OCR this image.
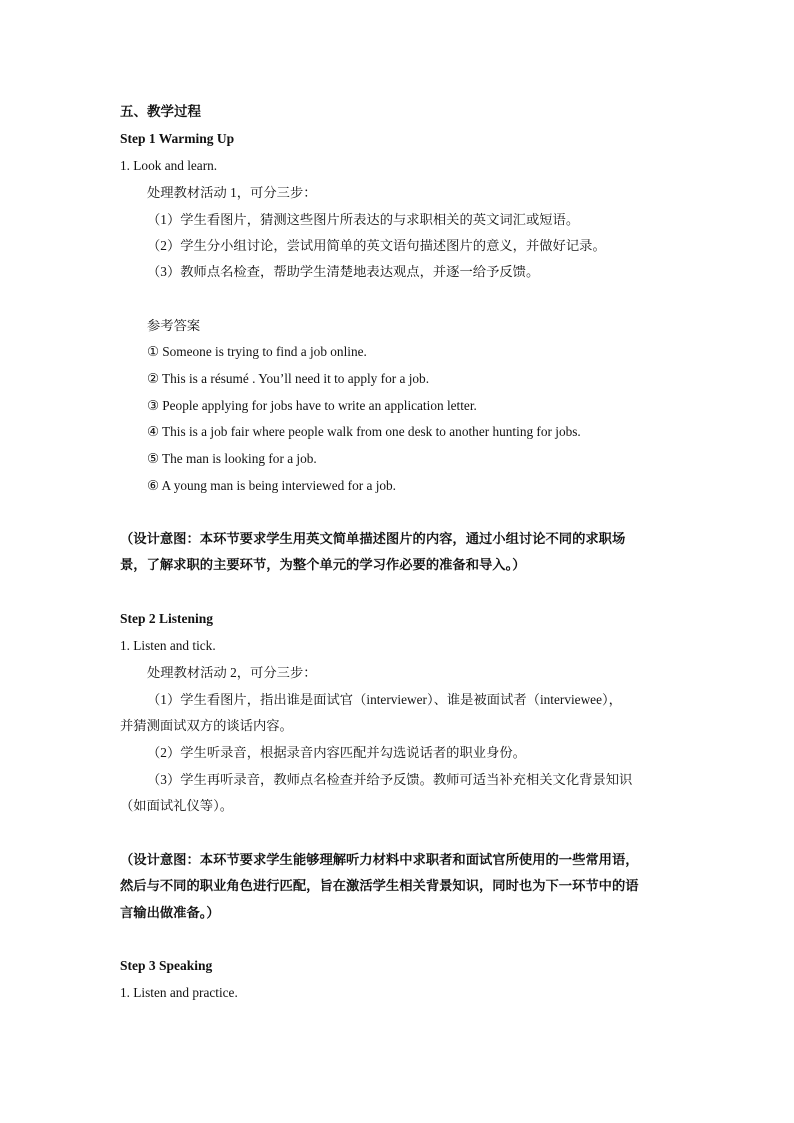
五、教学过程
Step 1 Warming Up
1. Look and learn.
处理教材活动 1，可分三步：
（1）学生看图片，猜测这些图片所表达的与求职相关的英文词汇或短语。
（2）学生分小组讨论，尝试用简单的英文语句描述图片的意义，并做好记录。
（3）教师点名检查，帮助学生清楚地表达观点，并逐一给予反馈。
参考答案
① Someone is trying to find a job online.
② This is a résumé . You’ll need it to apply for a job.
③ People applying for jobs have to write an application letter.
④ This is a job fair where people walk from one desk to another hunting for jobs.
⑤ The man is looking for a job.
⑥ A young man is being interviewed for a job.
（设计意图：本环节要求学生用英文简单描述图片的内容，通过小组讨论不同的求职场
景，了解求职的主要环节，为整个单元的学习作必要的准备和导入。）
Step 2 Listening
1. Listen and tick.
处理教材活动 2，可分三步：
（1）学生看图片，指出谁是面试官（interviewer）、谁是被面试者（interviewee），
并猜测面试双方的谈话内容。
（2）学生听录音，根据录音内容匹配并勾选说话者的职业身份。
（3）学生再听录音，教师点名检查并给予反馈。教师可适当补充相关文化背景知识
（如面试礼仪等）。
（设计意图：本环节要求学生能够理解听力材料中求职者和面试官所使用的一些常用语，
然后与不同的职业角色进行匹配，旨在激活学生相关背景知识，同时也为下一环节中的语
言输出做准备。）
Step 3 Speaking
1. Listen and practice.
